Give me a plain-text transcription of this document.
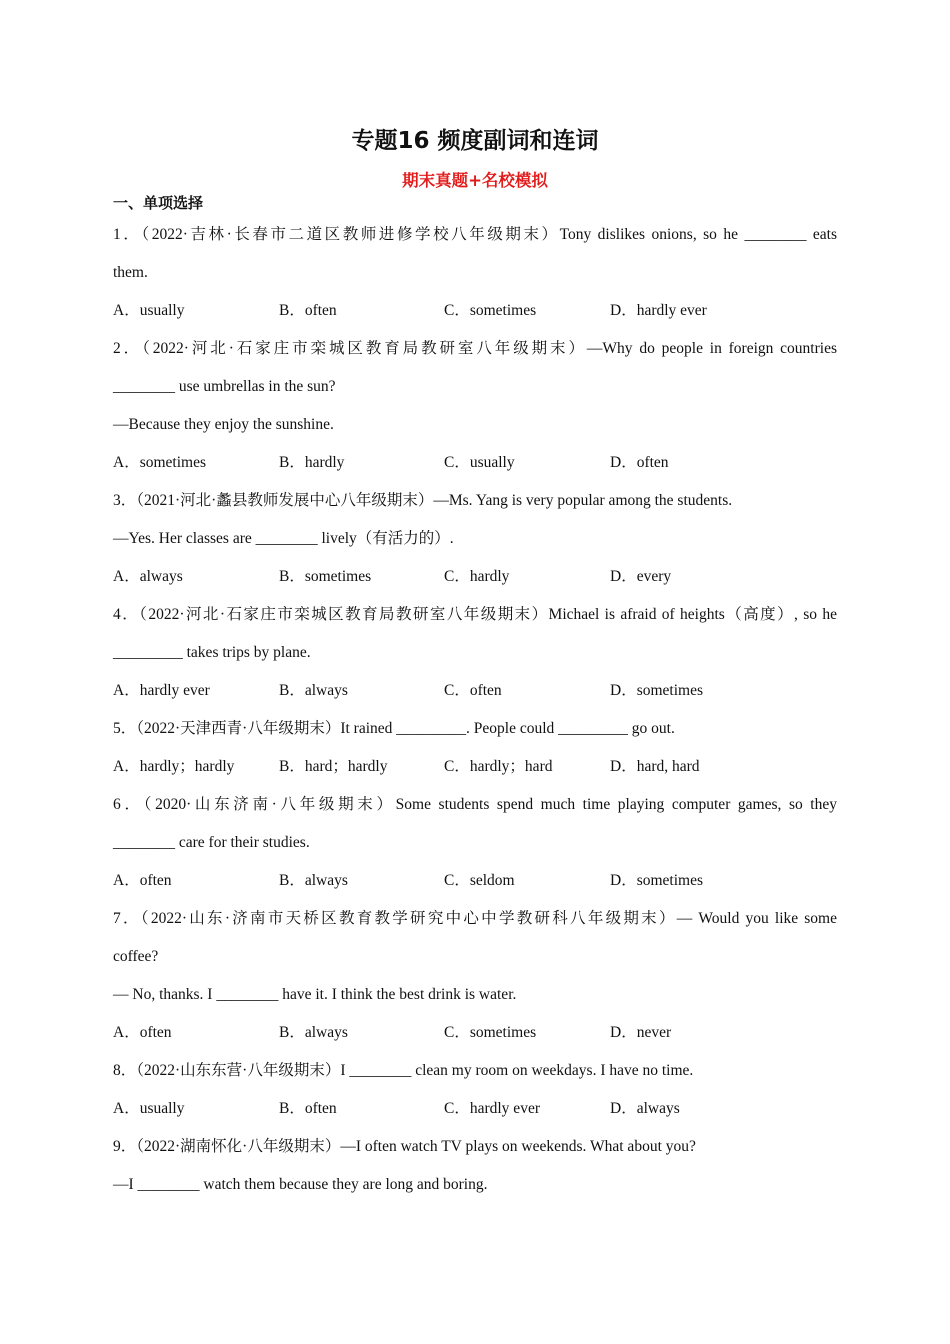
专题16 频度副词和连词
期末真题+名校模拟
一、单项选择
1．（2022·吉林·长春市二道区教师进修学校八年级期末）Tony dislikes onions, so he ________ eats
them.
A．usually	B．often	C．sometimes	D．hardly ever
2．（2022·河北·石家庄市栾城区教育局教研室八年级期末）—Why do people in foreign countries
________ use umbrellas in the sun?
—Because they enjoy the sunshine.
A．sometimes	B．hardly	C．usually	D．often
3．（2021·河北·蠡县教师发展中心八年级期末）—Ms. Yang is very popular among the students.
—Yes. Her classes are ________ lively（有活力的）.
A．always	B．sometimes	C．hardly	D．every
4．（2022·河北·石家庄市栾城区教育局教研室八年级期末）Michael is afraid of heights（高度）, so he
_________ takes trips by plane.
A．hardly ever	B．always	C．often	D．sometimes
5．（2022·天津西青·八年级期末）It rained _________. People could _________ go out.
A．hardly；hardly	B．hard；hardly	C．hardly；hard	D．hard, hard
6．（2020·山东济南·八年级期末）Some students spend much time playing computer games, so they
________ care for their studies.
A．often	B．always	C．seldom	D．sometimes
7．（2022·山东·济南市天桥区教育教学研究中心中学教研科八年级期末）— Would you like some
coffee?
— No, thanks. I ________ have it. I think the best drink is water.
A．often	B．always	C．sometimes	D．never
8．（2022·山东东营·八年级期末）I ________ clean my room on weekdays. I have no time.
A．usually	B．often	C．hardly ever	D．always
9．（2022·湖南怀化·八年级期末）—I often watch TV plays on weekends. What about you?
—I ________ watch them because they are long and boring.
